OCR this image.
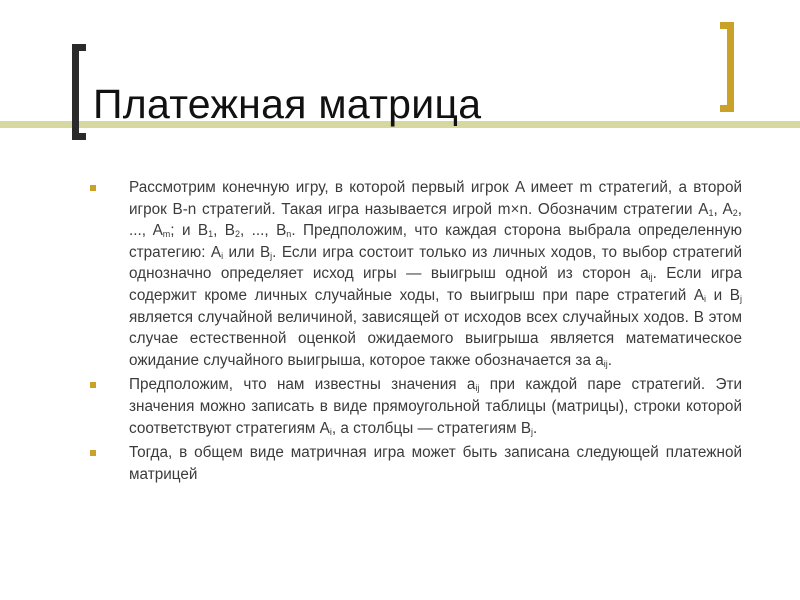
Платежная матрица
Рассмотрим конечную игру, в которой первый игрок A имеет m стратегий, а второй игрок B-n стратегий. Такая игра называется игрой m×n. Обозначим стратегии $A_1$, $A_2$, ..., $A_m$; и $B_1$, $B_2$, ..., $B_n$. Предположим, что каждая сторона выбрала определенную стратегию: $A_i$ или $B_j$. Если игра состоит только из личных ходов, то выбор стратегий однозначно определяет исход игры — выигрыш одной из сторон $a_{ij}$. Если игра содержит кроме личных случайные ходы, то выигрыш при паре стратегий $A_i$ и $B_j$ является случайной величиной, зависящей от исходов всех случайных ходов. В этом случае естественной оценкой ожидаемого выигрыша является математическое ожидание случайного выигрыша, которое также обозначается за $a_{ij}$.
Предположим, что нам известны значения $a_{ij}$ при каждой паре стратегий. Эти значения можно записать в виде прямоугольной таблицы (матрицы), строки которой соответствуют стратегиям $A_i$, а столбцы — стратегиям $B_j$.
Тогда, в общем виде матричная игра может быть записана следующей платежной матрицей
